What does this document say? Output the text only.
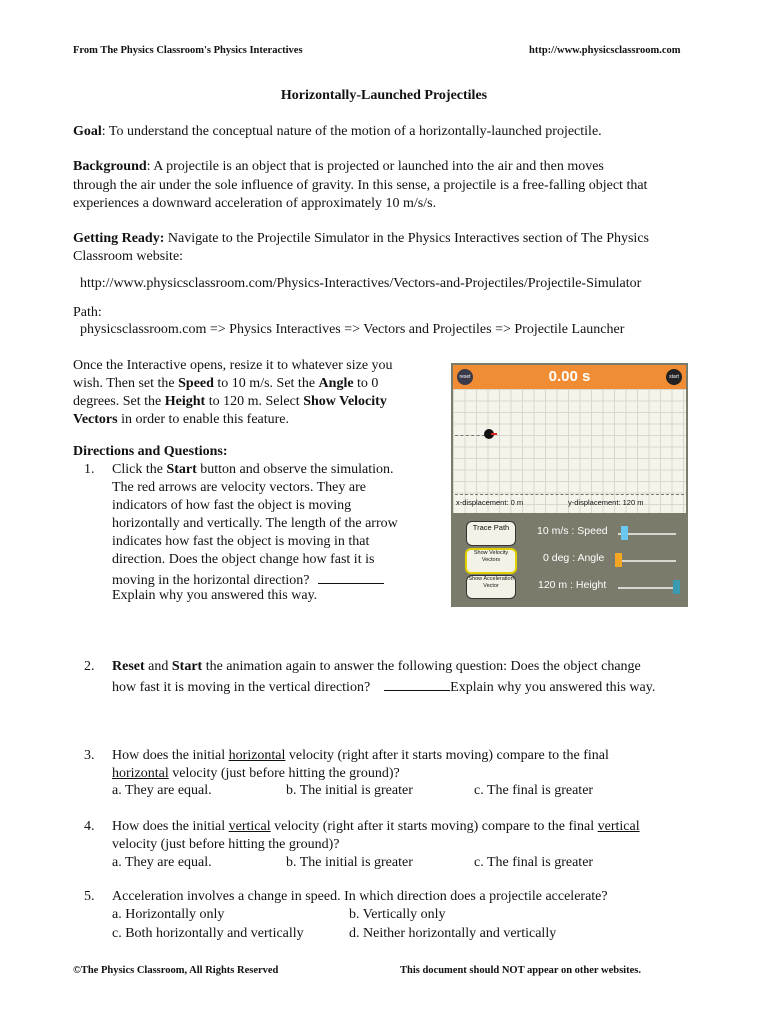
From The Physics Classroom's Physics Interactives	http://www.physicsclassroom.com
Horizontally-Launched Projectiles
Goal: To understand the conceptual nature of the motion of a horizontally-launched projectile.
Background: A projectile is an object that is projected or launched into the air and then moves
through the air under the sole influence of gravity. In this sense, a projectile is a free-falling object that
experiences a downward acceleration of approximately 10 m/s/s.
Getting Ready: Navigate to the Projectile Simulator in the Physics Interactives section of The Physics
Classroom website:
http://www.physicsclassroom.com/Physics-Interactives/Vectors-and-Projectiles/Projectile-Simulator
Path:
physicsclassroom.com => Physics Interactives => Vectors and Projectiles => Projectile Launcher
Once the Interactive opens, resize it to whatever size you
wish. Then set the Speed to 10 m/s. Set the Angle to 0
degrees. Set the Height to 120 m. Select Show Velocity
Vectors in order to enable this feature.
Directions and Questions:
1. Click the Start button and observe the simulation.
The red arrows are velocity vectors. They are
indicators of how fast the object is moving
horizontally and vertically. The length of the arrow
indicates how fast the object is moving in that
direction. Does the object change how fast it is
moving in the horizontal direction?
Explain why you answered this way.
2. Reset and Start the animation again to answer the following question: Does the object change
how fast it is moving in the vertical direction?	Explain why you answered this way.
3. How does the initial horizontal velocity (right after it starts moving) compare to the final
horizontal velocity (just before hitting the ground)?
a. They are equal.	b. The initial is greater	c. The final is greater
4. How does the initial vertical velocity (right after it starts moving) compare to the final vertical
velocity (just before hitting the ground)?
a. They are equal.	b. The initial is greater	c. The final is greater
5. Acceleration involves a change in speed. In which direction does a projectile accelerate?
a. Horizontally only	b. Vertically only
c. Both horizontally and vertically	d. Neither horizontally and vertically
©The Physics Classroom, All Rights Reserved	This document should NOT appear on other websites.
reset	0.00 s	start
x-displacement: 0 m	y-displacement: 120 m
Trace Path
Show Velocity Vectors
Show Acceleration Vector
10 m/s : Speed
0 deg : Angle
120 m : Height
